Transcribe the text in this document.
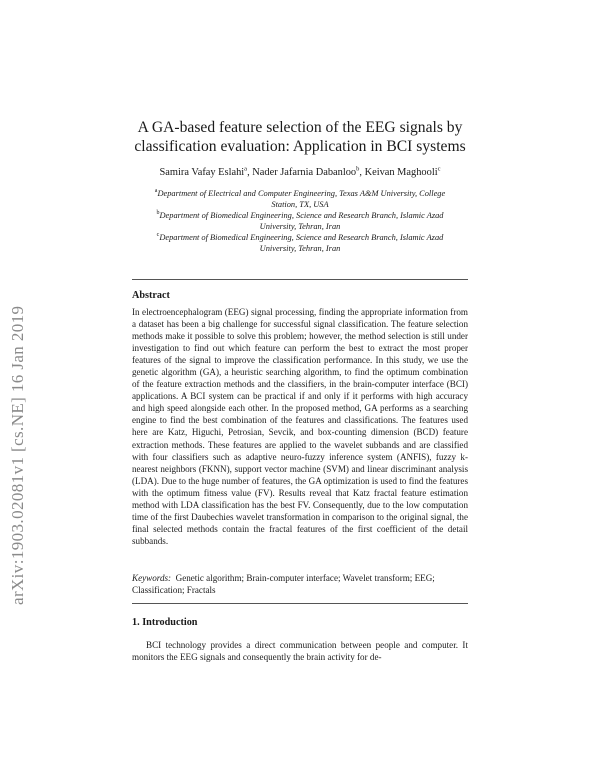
arXiv:1903.02081v1 [cs.NE] 16 Jan 2019
A GA-based feature selection of the EEG signals by
classification evaluation: Application in BCI systems
Samira Vafay Eslahi$^a$, Nader Jafarnia Dabanloo$^b$, Keivan Maghooli$^c$
$^a$Department of Electrical and Computer Engineering, Texas A&M University, College
Station, TX, USA
$^b$Department of Biomedical Engineering, Science and Research Branch, Islamic Azad
University, Tehran, Iran
$^c$Department of Biomedical Engineering, Science and Research Branch, Islamic Azad
University, Tehran, Iran
Abstract
In electroencephalogram (EEG) signal processing, finding the appropriate information from a dataset has been a big challenge for successful signal classification. The feature selection methods make it possible to solve this problem; however, the method selection is still under investigation to find out which feature can perform the best to extract the most proper features of the signal to improve the classification performance. In this study, we use the genetic algorithm (GA), a heuristic searching algorithm, to find the optimum combination of the feature extraction methods and the classifiers, in the brain-computer interface (BCI) applications. A BCI system can be practical if and only if it performs with high accuracy and high speed alongside each other. In the proposed method, GA performs as a searching engine to find the best combination of the features and classifications. The features used here are Katz, Higuchi, Petrosian, Sevcik, and box-counting dimension (BCD) feature extraction methods. These features are applied to the wavelet subbands and are classified with four classifiers such as adaptive neuro-fuzzy inference system (ANFIS), fuzzy k-nearest neighbors (FKNN), support vector machine (SVM) and linear discriminant analysis (LDA). Due to the huge number of features, the GA optimization is used to find the features with the optimum fitness value (FV). Results reveal that Katz fractal feature estimation method with LDA classification has the best FV. Consequently, due to the low computation time of the first Daubechies wavelet transformation in comparison to the original signal, the final selected methods contain the fractal features of the first coefficient of the detail subbands.
Keywords: Genetic algorithm; Brain-computer interface; Wavelet transform; EEG; Classification; Fractals
1. Introduction
BCI technology provides a direct communication between people and computer. It monitors the EEG signals and consequently the brain activity for de-
